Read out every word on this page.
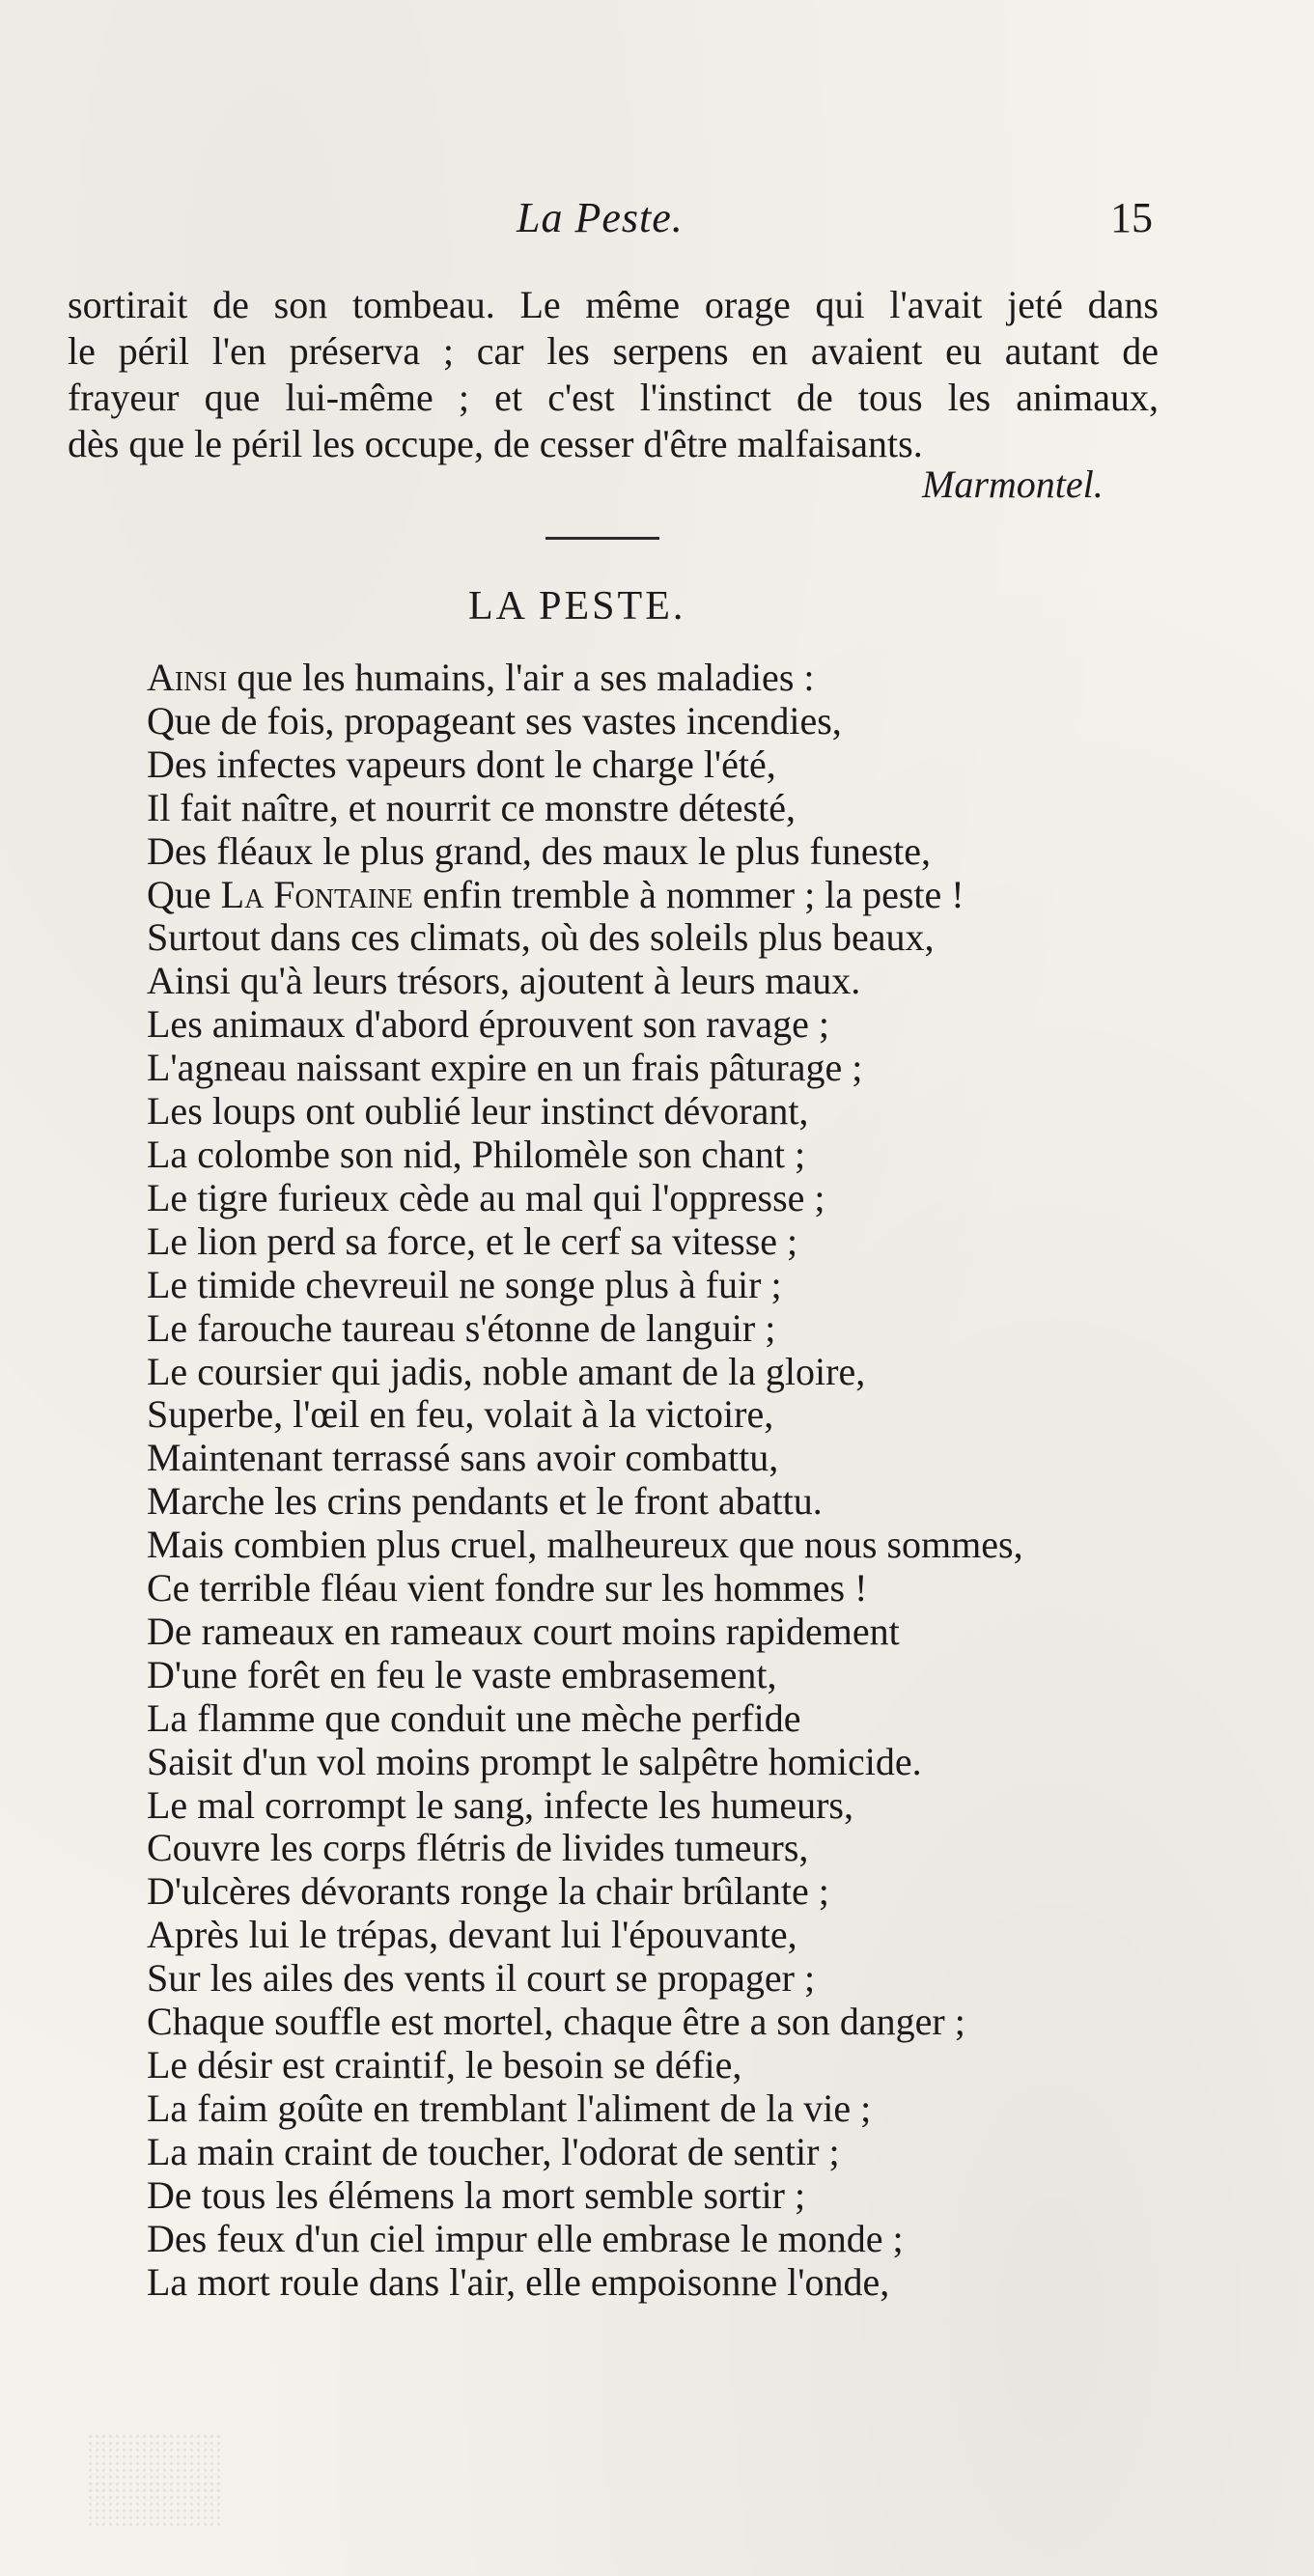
La Peste.	15
sortirait de son tombeau. Le même orage qui l'avait jeté dans
le péril l'en préserva ; car les serpens en avaient eu autant de
frayeur que lui-même ; et c'est l'instinct de tous les animaux,
dès que le péril les occupe, de cesser d'être malfaisants.
Marmontel.
LA PESTE.
Ainsi que les humains, l'air a ses maladies :
Que de fois, propageant ses vastes incendies,
Des infectes vapeurs dont le charge l'été,
Il fait naître, et nourrit ce monstre détesté,
Des fléaux le plus grand, des maux le plus funeste,
Que La Fontaine enfin tremble à nommer ; la peste !
Surtout dans ces climats, où des soleils plus beaux,
Ainsi qu'à leurs trésors, ajoutent à leurs maux.
Les animaux d'abord éprouvent son ravage ;
L'agneau naissant expire en un frais pâturage ;
Les loups ont oublié leur instinct dévorant,
La colombe son nid, Philomèle son chant ;
Le tigre furieux cède au mal qui l'oppresse ;
Le lion perd sa force, et le cerf sa vitesse ;
Le timide chevreuil ne songe plus à fuir ;
Le farouche taureau s'étonne de languir ;
Le coursier qui jadis, noble amant de la gloire,
Superbe, l'œil en feu, volait à la victoire,
Maintenant terrassé sans avoir combattu,
Marche les crins pendants et le front abattu.
Mais combien plus cruel, malheureux que nous sommes,
Ce terrible fléau vient fondre sur les hommes !
De rameaux en rameaux court moins rapidement
D'une forêt en feu le vaste embrasement,
La flamme que conduit une mèche perfide
Saisit d'un vol moins prompt le salpêtre homicide.
Le mal corrompt le sang, infecte les humeurs,
Couvre les corps flétris de livides tumeurs,
D'ulcères dévorants ronge la chair brûlante ;
Après lui le trépas, devant lui l'épouvante,
Sur les ailes des vents il court se propager ;
Chaque souffle est mortel, chaque être a son danger ;
Le désir est craintif, le besoin se défie,
La faim goûte en tremblant l'aliment de la vie ;
La main craint de toucher, l'odorat de sentir ;
De tous les élémens la mort semble sortir ;
Des feux d'un ciel impur elle embrase le monde ;
La mort roule dans l'air, elle empoisonne l'onde,
